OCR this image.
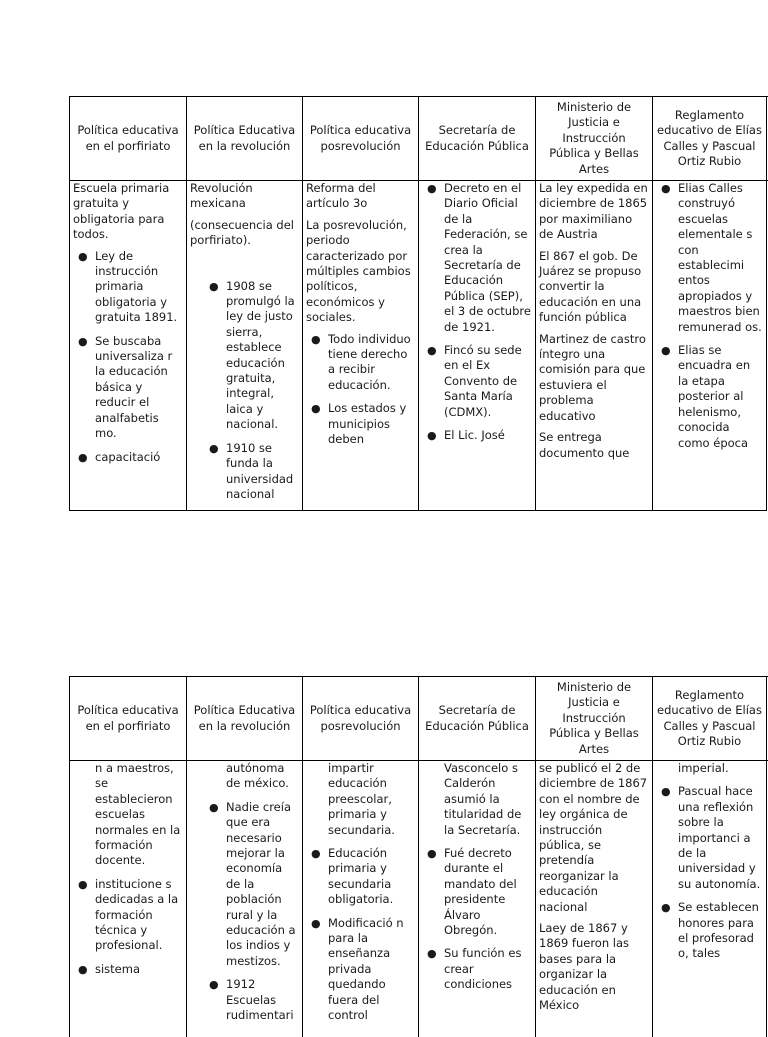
Política educativa en el porfiriato
Política Educativa en la revolución
Política educativa posrevolución
Secretaría de Educación Pública
Ministerio de Justicia e Instrucción Pública y Bellas Artes
Reglamento educativo de Elías Calles y Pascual Ortiz Rubio

Escuela primaria gratuita y obligatoria para todos.

● Ley de instrucción primaria obligatoria y gratuita 1891.
● Se buscaba universaliza r la educación básica y reducir el analfabetis mo.
● capacitació

Revolución mexicana

(consecuencia del porfiriato).

● 1908 se promulgó la ley de justo sierra, establece educación gratuita, integral, laica y nacional.
● 1910 se funda la universidad nacional

Reforma del artículo 3o

La posrevolución, periodo caracterizado por múltiples cambios políticos, económicos y sociales.

● Todo individuo tiene derecho a recibir educación.
● Los estados y municipios deben
● Decreto en el Diario Oficial de la Federación, se crea la Secretaría de Educación Pública (SEP), el 3 de octubre de 1921.
● Fincó su sede en el Ex Convento de Santa María (CDMX).
● El Lic. José

La ley expedida en diciembre de 1865 por maximiliano de Austria

El 867 el gob. De Juárez se propuso convertir la educación en una función pública

Martinez de castro íntegro una comisión para que estuviera el problema educativo

Se entrega documento que

● Elias Calles construyó escuelas elementale s con establecimi entos apropiados y maestros bien remunerad os.
● Elias se encuadra en la etapa posterior al helenismo, conocida como época
Política educativa en el porfiriato
Política Educativa en la revolución
Política educativa posrevolución
Secretaría de Educación Pública
Ministerio de Justicia e Instrucción Pública y Bellas Artes
Reglamento educativo de Elías Calles y Pascual Ortiz Rubio
n a maestros, se establecieron escuelas normales en la formación docente.
● institucione s dedicadas a la formación técnica y profesional.
● sistema
autónoma de méxico.
● Nadie creía que era necesario mejorar la economía de la población rural y la educación a los indios y mestizos.
● 1912 Escuelas rudimentari
impartir educación preescolar, primaria y secundaria.
● Educación primaria y secundaria obligatoria.
● Modificació n para la enseñanza privada quedando fuera del control
Vasconcelo s Calderón asumió la titularidad de la Secretaría.
● Fué decreto durante el mandato del presidente Álvaro Obregón.
● Su función es crear condiciones

se publicó el 2 de diciembre de 1867 con el nombre de ley orgánica de instrucción pública, se pretendía reorganizar la educación nacional

Laey de 1867 y 1869 fueron las bases para la organizar la educación en México

imperial.
● Pascual hace una reflexión sobre la importanci a de la universidad y su autonomía.
● Se establecen honores para el profesorad o, tales
